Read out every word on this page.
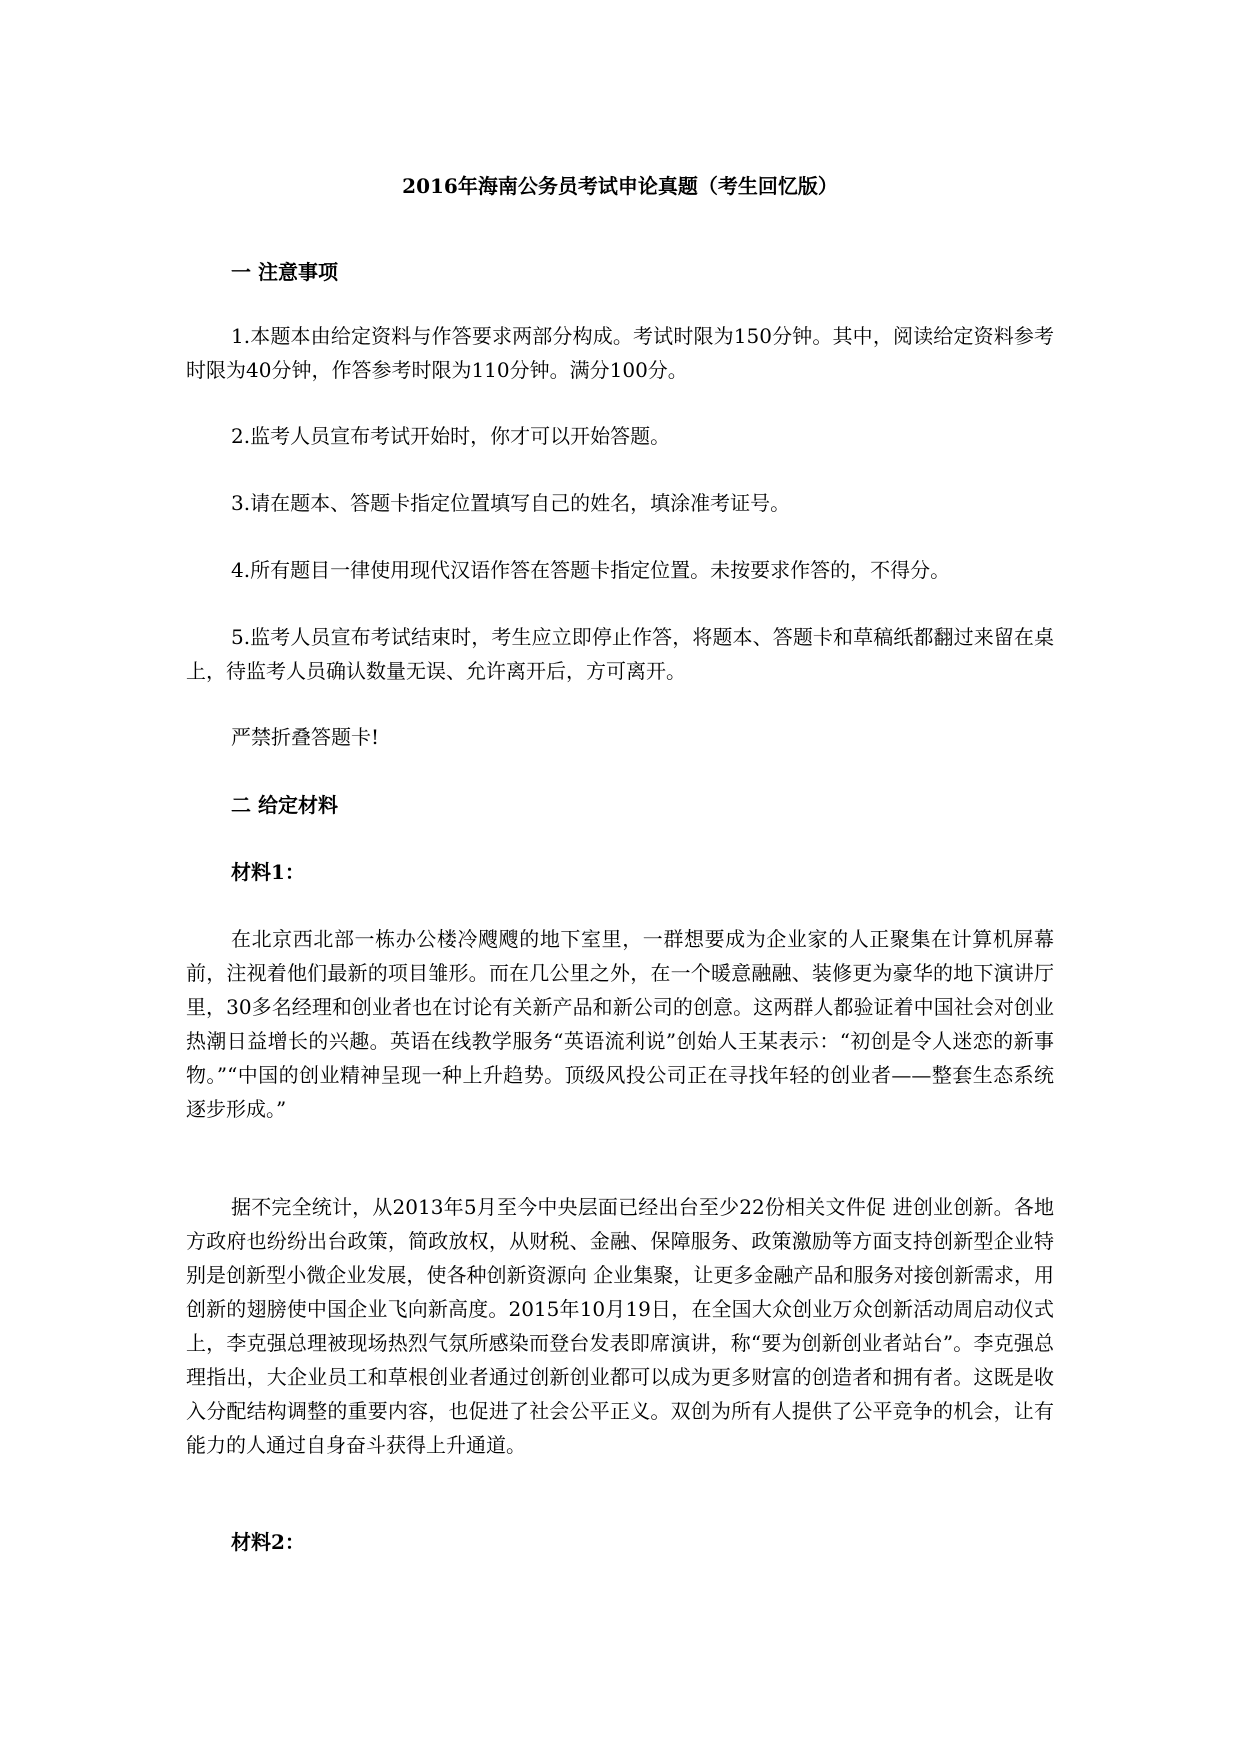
2016年海南公务员考试申论真题（考生回忆版）
一 注意事项
1.本题本由给定资料与作答要求两部分构成。考试时限为150分钟。其中，阅读给定资料参考时限为40分钟，作答参考时限为110分钟。满分100分。
2.监考人员宣布考试开始时，你才可以开始答题。
3.请在题本、答题卡指定位置填写自己的姓名，填涂准考证号。
4.所有题目一律使用现代汉语作答在答题卡指定位置。未按要求作答的，不得分。
5.监考人员宣布考试结束时，考生应立即停止作答，将题本、答题卡和草稿纸都翻过来留在桌上，待监考人员确认数量无误、允许离开后，方可离开。
严禁折叠答题卡!
二 给定材料
材料1：
在北京西北部一栋办公楼冷飕飕的地下室里，一群想要成为企业家的人正聚集在计算机屏幕前，注视着他们最新的项目雏形。而在几公里之外，在一个暖意融融、装修更为豪华的地下演讲厅里，30多名经理和创业者也在讨论有关新产品和新公司的创意。这两群人都验证着中国社会对创业热潮日益增长的兴趣。英语在线教学服务“英语流利说”创始人王某表示：“初创是令人迷恋的新事物。”“中国的创业精神呈现一种上升趋势。顶级风投公司正在寻找年轻的创业者——整套生态系统逐步形成。”
据不完全统计，从2013年5月至今中央层面已经出台至少22份相关文件促 进创业创新。各地方政府也纷纷出台政策，简政放权，从财税、金融、保障服务、政策激励等方面支持创新型企业特别是创新型小微企业发展，使各种创新资源向 企业集聚，让更多金融产品和服务对接创新需求，用创新的翅膀使中国企业飞向新高度。2015年10月19日，在全国大众创业万众创新活动周启动仪式上，李克强总理被现场热烈气氛所感染而登台发表即席演讲，称“要为创新创业者站台”。李克强总理指出，大企业员工和草根创业者通过创新创业都可以成为更多财富的创造者和拥有者。这既是收入分配结构调整的重要内容，也促进了社会公平正义。双创为所有人提供了公平竞争的机会，让有能力的人通过自身奋斗获得上升通道。
材料2：
